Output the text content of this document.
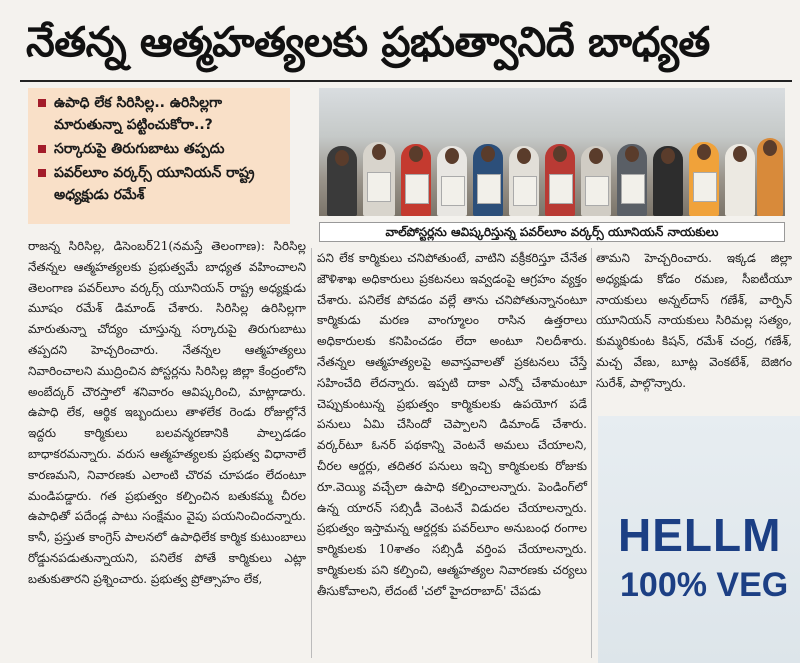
నేతన్న ఆత్మహత్యలకు ప్రభుత్వానిదే బాధ్యత
ఉపాధి లేక సిరిసిల్ల.. ఉరిసిల్లగా మారుతున్నా పట్టించుకోరా..?
సర్కారుపై తిరుగుబాటు తప్పదు
పవర్‌లూం వర్కర్స్ యూనియన్ రాష్ట్ర అధ్యక్షుడు రమేశ్
వాల్‌పోస్టర్లను ఆవిష్కరిస్తున్న పవర్‌లూం వర్కర్స్ యూనియన్ నాయకులు

రాజన్న సిరిసిల్ల, డిసెంబర్21(నమస్తే తెలంగాణ): సిరిసిల్ల నేతన్నల ఆత్మహత్యలకు ప్రభుత్వమే బాధ్యత వహించాలని తెలంగాణ పవర్‌లూం వర్కర్స్ యూనియన్ రాష్ట్ర అధ్యక్షుడు మూషం రమేశ్ డిమాండ్ చేశారు. సిరిసిల్ల ఉరిసిల్లగా మారుతున్నా చోద్యం చూస్తున్న సర్కారుపై తిరుగుబాటు తప్పదని హెచ్చరించారు. నేతన్నల ఆత్మహత్యలు నివారించాలని ముద్రించిన పోస్టర్లను సిరిసిల్ల జిల్లా కేంద్రంలోని అంబేద్కర్ చౌరస్తాలో శనివారం ఆవిష్కరించి, మాట్లాడారు. ఉపాధి లేక, ఆర్థిక ఇబ్బందులు తాళలేక రెండు రోజుల్లోనే ఇద్దరు కార్మికులు బలవన్మరణానికి పాల్పడడం బాధాకరమన్నారు. వరుస ఆత్మహత్యలకు ప్రభుత్వ విధానాలే కారణమని, నివారణకు ఎలాంటి చొరవ చూపడం లేదంటూ మండిపడ్డారు. గత ప్రభుత్వం కల్పించిన బతుకమ్మ చీరల ఉపాధితో పదేండ్ల పాటు సంక్షేమం వైపు పయనించిందన్నారు. కానీ, ప్రస్తుత కాంగ్రెస్ పాలనలో ఉపాధిలేక కార్మిక కుటుంబాలు రోడ్డునపడుతున్నాయని, పనిలేక పోతే కార్మికులు ఎట్లా బతుకుతారని ప్రశ్నించారు. ప్రభుత్వ ప్రోత్సాహం లేక,

పని లేక కార్మికులు చనిపోతుంటే, వాటిని వక్రీకరిస్తూ చేనేత జౌళిశాఖ అధికారులు ప్రకటనలు ఇవ్వడంపై ఆగ్రహం వ్యక్తం చేశారు. పనిలేక పోవడం వల్లే తాను చనిపోతున్నానంటూ కార్మికుడు మరణ వాంగ్మూలం రాసిన ఉత్తరాలు అధికారులకు కనిపించడం లేదా అంటూ నిలదీశారు. నేతన్నల ఆత్మహత్యలపై అవాస్తవాలతో ప్రకటనలు చేస్తే సహించేది లేదన్నారు. ఇప్పటి దాకా ఎన్నో చేశామంటూ చెప్పుకుంటున్న ప్రభుత్వం కార్మికులకు ఉపయోగ పడే పనులు ఏమి చేసిందో చెప్పాలని డిమాండ్ చేశారు. వర్కర్‌టూ ఓనర్ పథకాన్ని వెంటనే అమలు చేయాలని, చీరల ఆర్డర్లు, తదితర పనులు ఇచ్చి కార్మికులకు రోజుకు రూ.వెయ్యి వచ్చేలా ఉపాధి కల్పించాలన్నారు. పెండింగ్‌లో ఉన్న యారన్ సబ్సిడీ వెంటనే విడుదల చేయాలన్నారు. ప్రభుత్వం ఇస్తామన్న ఆర్డర్లకు పవర్‌లూం అనుబంధ రంగాల కార్మికులకు 10శాతం సబ్సిడీ వర్తింప చేయాలన్నారు. కార్మికులకు పని కల్పించి, ఆత్మహత్యల నివారణకు చర్యలు తీసుకోవాలని, లేదంటే 'చలో హైదరాబాద్' చేపడు

తామని హెచ్చరించారు. ఇక్కడ జిల్లా అధ్యక్షుడు కోడం రమణ, సీఐటీయూ నాయకులు అన్నల్‌దాస్ గణేశ్, వార్పిన్ యూనియన్ నాయకులు సిరిమల్ల సత్యం, కుమ్మరికుంట కిషన్, రమేశ్ చంద్ర, గణేశ్, మచ్చ వేణు, బూట్ల వెంకటేశ్, బెజిగం సురేశ్, పాల్గొన్నారు.

HELLM
100% VEG
